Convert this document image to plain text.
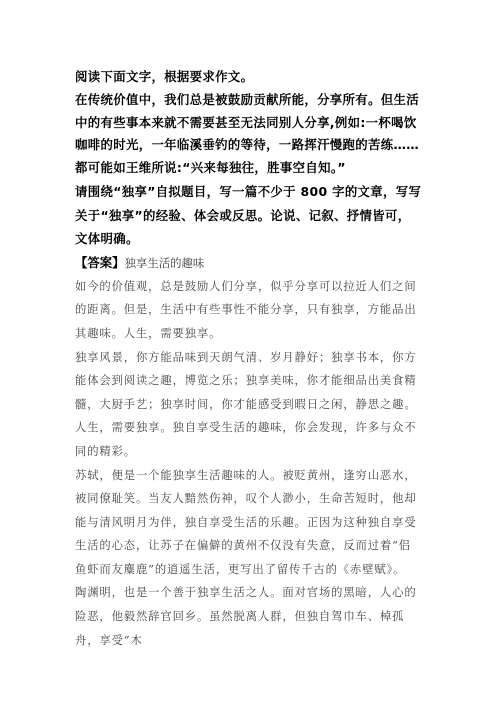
阅读下面文字，根据要求作文。

在传统价值中，我们总是被鼓励贡献所能，分享所有。但生活中的有些事本来就不需要甚至无法同别人分享,例如:一杯喝饮咖啡的时光，一年临溪垂钓的等待，一路挥汗慢跑的苦练……都可能如王维所说:“兴来每独往，胜事空自知。”

请围绕“独享”自拟题目，写一篇不少于 800 字的文章，写写关于“独享”的经验、体会或反思。论说、记叙、抒情皆可，文体明确。

【答案】独享生活的趣味

如今的价值观，总是鼓励人们分享，似乎分享可以拉近人们之间的距离。但是，生活中有些事性不能分享，只有独享，方能品出其趣味。人生，需要独享。

独享风景，你方能品味到天朗气清、岁月静好；独享书本，你方能体会到阅读之趣，博览之乐；独享美味，你才能细品出美食精髓，大厨手艺；独享时间，你才能感受到暇日之闲，静思之趣。人生，需要独享。独自享受生活的趣味，你会发现，许多与众不同的精彩。

苏轼，便是一个能独享生活趣味的人。被贬黄州，逢穷山恶水，被同僚耻笑。当友人黯然伤神，叹个人渺小，生命苦短时，他却能与清风明月为伴，独自享受生活的乐趣。正因为这种独自享受生活的心态，让苏子在偏僻的黄州不仅没有失意，反而过着“侣鱼虾而友麋鹿”的逍遥生活，更写出了留传千古的《赤壁赋》。

陶渊明，也是一个善于独享生活之人。面对官场的黑暗，人心的险恶，他毅然辞官回乡。虽然脱离人群，但独自驾巾车、棹孤舟，享受“木
